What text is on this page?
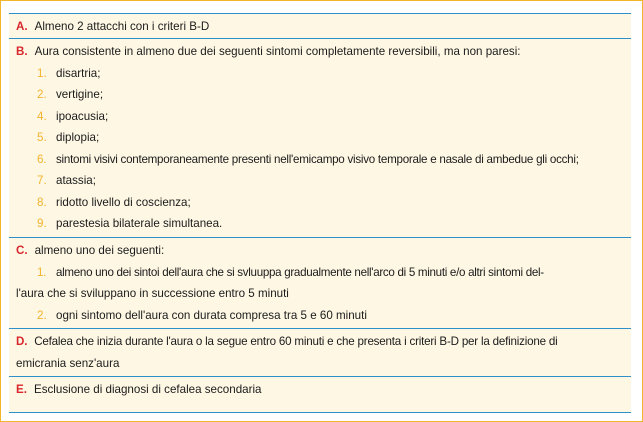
A. Almeno 2 attacchi con i criteri B-D
B. Aura consistente in almeno due dei seguenti sintomi completamente reversibili, ma non paresi:
1. disartria;
2. vertigine;
4. ipoacusia;
5. diplopia;
6. sintomi visivi contemporaneamente presenti nell'emicampo visivo temporale e nasale di ambedue gli occhi;
7. atassia;
8. ridotto livello di coscienza;
9. parestesia bilaterale simultanea.
C. almeno uno dei seguenti:
1. almeno uno dei sintoi dell'aura che si svluuppa gradualmente nell'arco di 5 minuti e/o altri sintomi del-
l'aura che si sviluppano in successione entro 5 minuti
2. ogni sintomo dell'aura con durata compresa tra 5 e 60 minuti
D. Cefalea che inizia durante l'aura o la segue entro 60 minuti e che presenta i criteri B-D per la definizione di
emicrania senz'aura
E. Esclusione di diagnosi di cefalea secondaria
